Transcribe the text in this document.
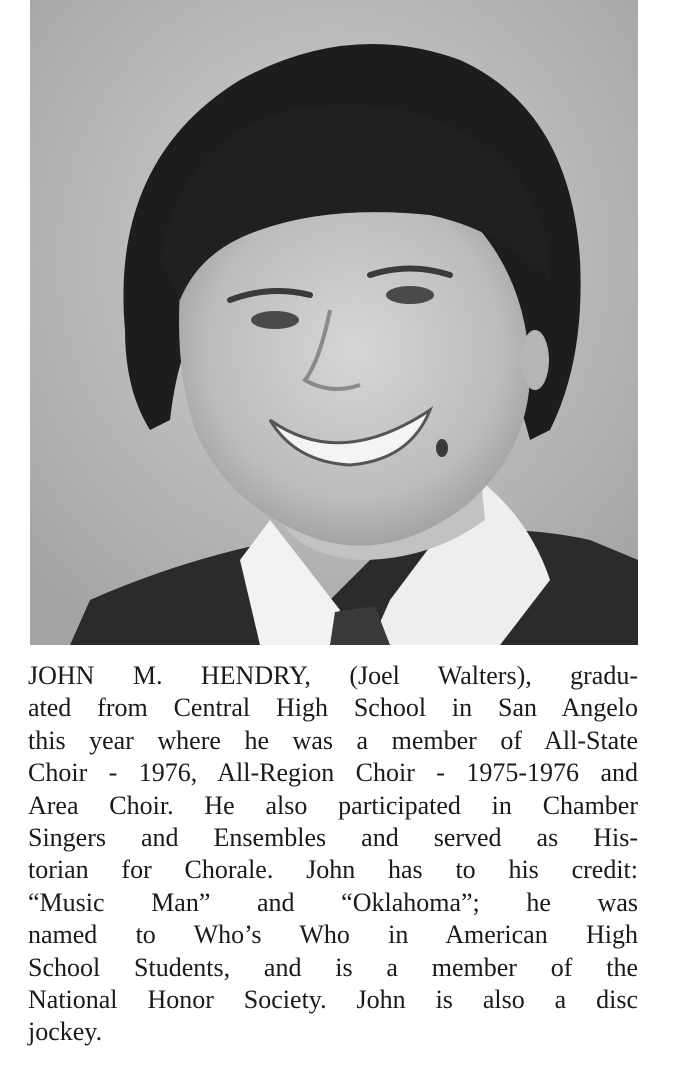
JOHN M. HENDRY, (Joel Walters), gradu-
ated from Central High School in San Angelo
this year where he was a member of All-State
Choir - 1976, All-Region Choir - 1975-1976 and
Area Choir. He also participated in Chamber
Singers and Ensembles and served as His-
torian for Chorale. John has to his credit:
“Music Man” and “Oklahoma”; he was
named to Who’s Who in American High
School Students, and is a member of the
National Honor Society. John is also a disc
jockey.
